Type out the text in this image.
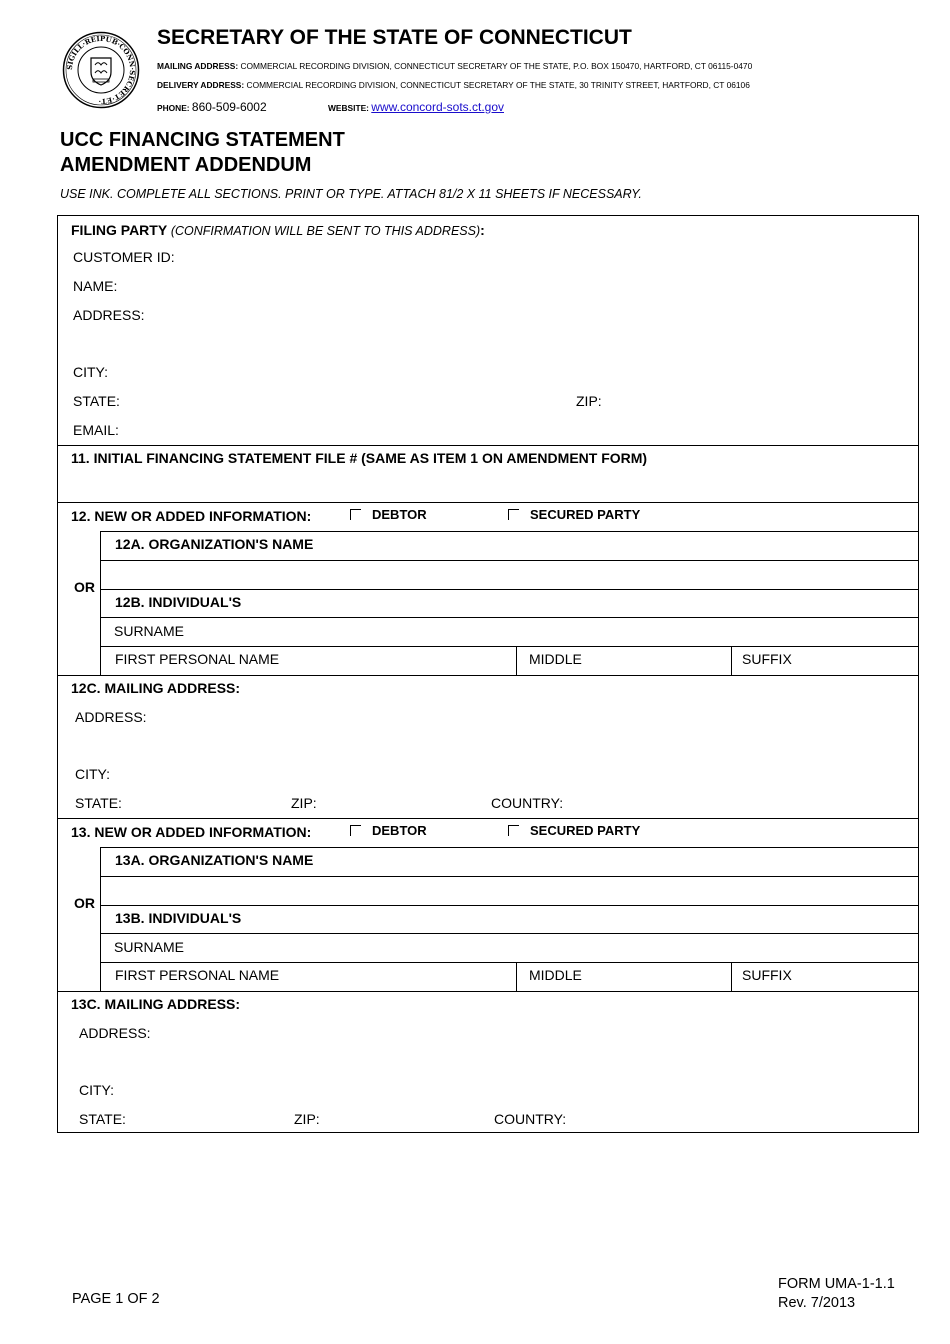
SIGILL·REIPUB·CONN·SECRET·ET·
SECRETARY OF THE STATE OF CONNECTICUT
MAILING ADDRESS: COMMERCIAL RECORDING DIVISION, CONNECTICUT SECRETARY OF THE STATE, P.O. BOX 150470, HARTFORD, CT 06115-0470
DELIVERY ADDRESS: COMMERCIAL RECORDING DIVISION, CONNECTICUT SECRETARY OF THE STATE, 30 TRINITY STREET, HARTFORD, CT 06106
PHONE: 860-509-6002	WEBSITE: www.concord-sots.ct.gov
UCC FINANCING STATEMENT
AMENDMENT ADDENDUM
USE INK. COMPLETE ALL SECTIONS. PRINT OR TYPE. ATTACH 81/2 X 11 SHEETS IF NECESSARY.
FILING PARTY (CONFIRMATION WILL BE SENT TO THIS ADDRESS):
CUSTOMER ID:
NAME:
ADDRESS:
CITY:
STATE:	ZIP:
EMAIL:
11. INITIAL FINANCING STATEMENT FILE # (SAME AS ITEM 1 ON AMENDMENT FORM)
12. NEW OR ADDED INFORMATION:	DEBTOR	SECURED PARTY
12A. ORGANIZATION'S NAME
OR
12B. INDIVIDUAL'S
SURNAME
FIRST PERSONAL NAME	MIDDLE	SUFFIX
12C. MAILING ADDRESS:
ADDRESS:
CITY:
STATE:	ZIP:	COUNTRY:
13. NEW OR ADDED INFORMATION:	DEBTOR	SECURED PARTY
13A. ORGANIZATION'S NAME
OR
13B. INDIVIDUAL'S
SURNAME
FIRST PERSONAL NAME	MIDDLE	SUFFIX
13C. MAILING ADDRESS:
ADDRESS:
CITY:
STATE:	ZIP:	COUNTRY:
PAGE 1 OF 2
FORM UMA-1-1.1
Rev. 7/2013
